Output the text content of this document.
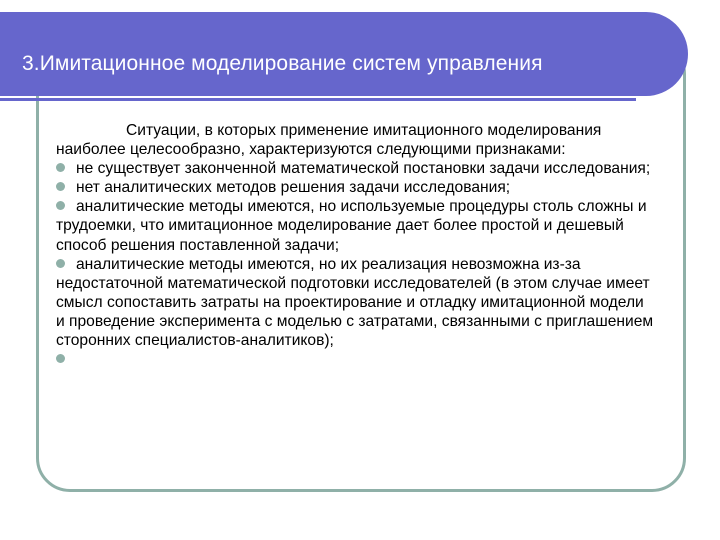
3.Имитационное моделирование систем управления

Ситуации, в которых применение имитационного моделирования наиболее целесообразно, характеризуются следующими признаками:

не существует законченной математической постановки задачи исследования;

нет аналитических методов решения задачи исследования;

аналитические методы имеются, но используемые процедуры столь сложны и трудоемки, что имитационное моделирование дает более простой и дешевый способ решения поставленной задачи;

аналитические методы имеются, но их реализация невозможна из-за недостаточной математической подготовки исследователей (в этом случае имеет смысл сопоставить затраты на проектирование и отладку имитационной модели и проведение эксперимента с моделью с затратами, связанными с приглашением сторонних специалистов-аналитиков);
